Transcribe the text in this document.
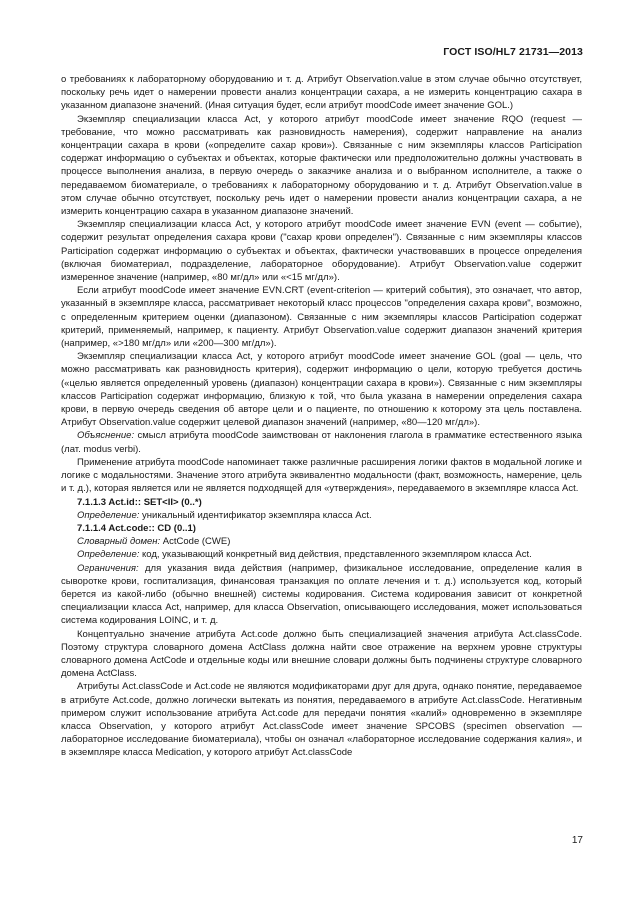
ГОСТ ISO/HL7 21731—2013

о требованиях к лабораторному оборудованию и т. д. Атрибут Observation.value в этом случае обычно отсутствует, поскольку речь идет о намерении провести анализ концентрации сахара, а не измерить концентрацию сахара в указанном диапазоне значений. (Иная ситуация будет, если атрибут moodCode имеет значение GOL.)

Экземпляр специализации класса Act, у которого атрибут moodCode имеет значение RQO (request — требование, что можно рассматривать как разновидность намерения), содержит направление на анализ концентрации сахара в крови («определите сахар крови»). Связанные с ним экземпляры классов Participation содержат информацию о субъектах и объектах, которые фактически или предположительно должны участвовать в процессе выполнения анализа, в первую очередь о заказчике анализа и о выбранном исполнителе, а также о передаваемом биоматериале, о требованиях к лабораторному оборудованию и т. д. Атрибут Observation.value в этом случае обычно отсутствует, поскольку речь идет о намерении провести анализ концентрации сахара, а не измерить концентрацию сахара в указанном диапазоне значений.

Экземпляр специализации класса Act, у которого атрибут moodCode имеет значение EVN (event — событие), содержит результат определения сахара крови ("сахар крови определен"). Связанные с ним экземпляры классов Participation содержат информацию о субъектах и объектах, фактически участвовавших в процессе определения (включая биоматериал, подразделение, лабораторное оборудование). Атрибут Observation.value содержит измеренное значение (например, «80 мг/дл» или «<15 мг/дл»).

Если атрибут moodCode имеет значение EVN.CRT (event-criterion — критерий события), это означает, что автор, указанный в экземпляре класса, рассматривает некоторый класс процессов "определения сахара крови", возможно, с определенным критерием оценки (диапазоном). Связанные с ним экземпляры классов Participation содержат критерий, применяемый, например, к пациенту. Атрибут Observation.value содержит диапазон значений критерия (например, «>180 мг/дл» или «200—300 мг/дл»).

Экземпляр специализации класса Act, у которого атрибут moodCode имеет значение GOL (goal — цель, что можно рассматривать как разновидность критерия), содержит информацию о цели, которую требуется достичь («целью является определенный уровень (диапазон) концентрации сахара в крови»). Связанные с ним экземпляры классов Participation содержат информацию, близкую к той, что была указана в намерении определения сахара крови, в первую очередь сведения об авторе цели и о пациенте, по отношению к которому эта цель поставлена. Атрибут Observation.value содержит целевой диапазон значений (например, «80—120 мг/дл»).

Объяснение: смысл атрибута moodCode заимствован от наклонения глагола в грамматике естественного языка (лат. modus verbi).

Применение атрибута moodCode напоминает также различные расширения логики фактов в модальной логике и логике с модальностями. Значение этого атрибута эквивалентно модальности (факт, возможность, намерение, цель и т. д.), которая является или не является подходящей для «утверждения», передаваемого в экземпляре класса Act.

7.1.1.3 Act.id:: SET<II> (0..*)

Определение: уникальный идентификатор экземпляра класса Act.

7.1.1.4 Act.code:: CD (0..1)

Словарный домен: ActCode (CWE)

Определение: код, указывающий конкретный вид действия, представленного экземпляром класса Act.

Ограничения: для указания вида действия (например, физикальное исследование, определение калия в сыворотке крови, госпитализация, финансовая транзакция по оплате лечения и т. д.) используется код, который берется из какой-либо (обычно внешней) системы кодирования. Система кодирования зависит от конкретной специализации класса Act, например, для класса Observation, описывающего исследования, может использоваться система кодирования LOINC, и т. д.

Концептуально значение атрибута Act.code должно быть специализацией значения атрибута Act.classCode. Поэтому структура словарного домена ActClass должна найти свое отражение на верхнем уровне структуры словарного домена ActCode и отдельные коды или внешние словари должны быть подчинены структуре словарного домена ActClass.

Атрибуты Act.classCode и Act.code не являются модификаторами друг для друга, однако понятие, передаваемое в атрибуте Act.code, должно логически вытекать из понятия, передаваемого в атрибуте Act.classCode. Негативным примером служит использование атрибута Act.code для передачи понятия «калий» одновременно в экземпляре класса Observation, у которого атрибут Act.classCode имеет значение SPCOBS (specimen observation — лабораторное исследование биоматериала), чтобы он означал «лабораторное исследование содержания калия», и в экземпляре класса Medication, у которого атрибут Act.classCode

17
